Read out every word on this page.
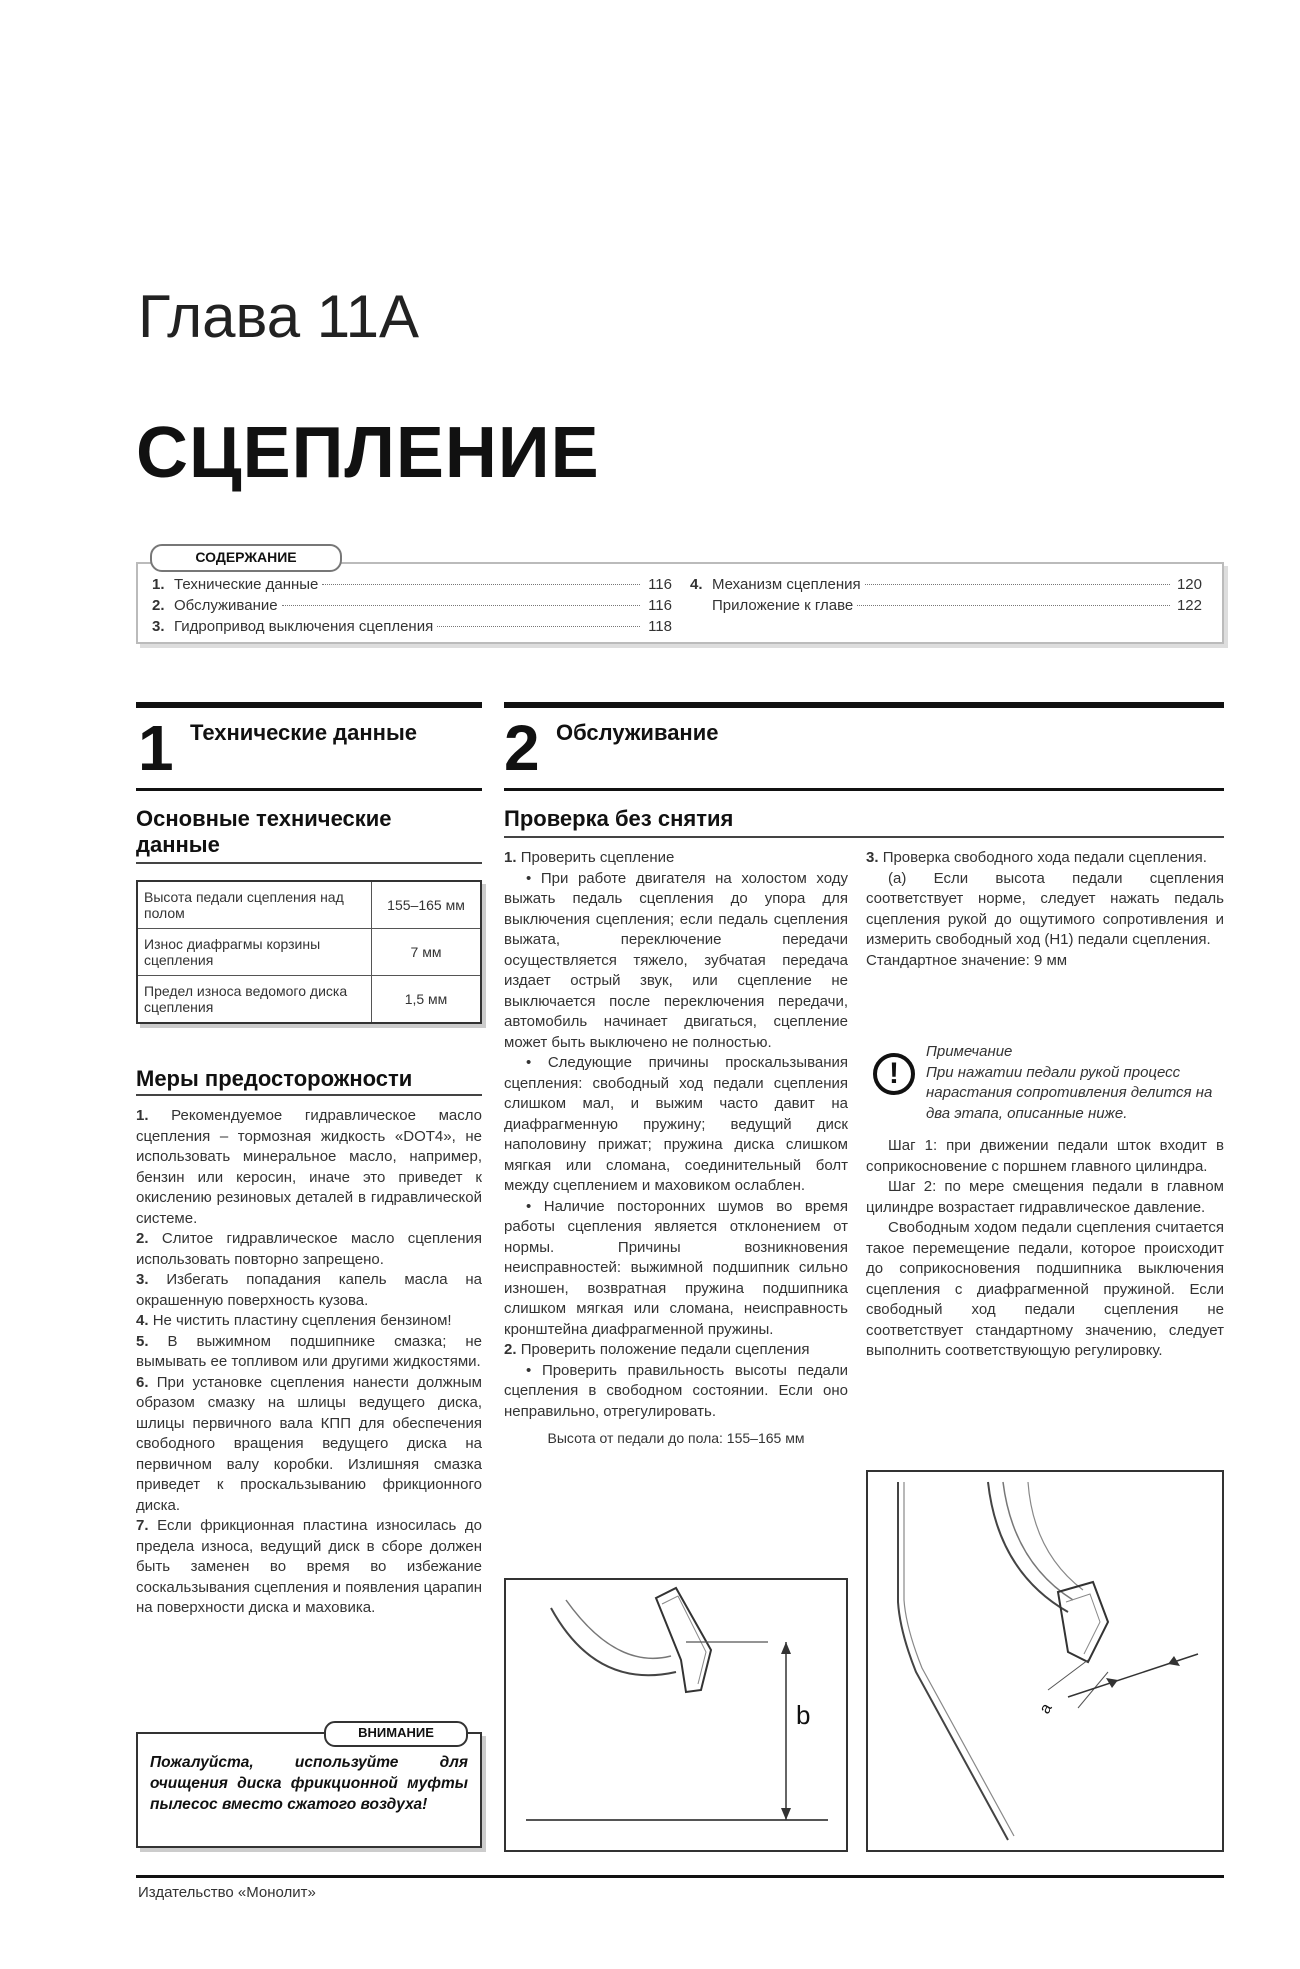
Глава 11А
СЦЕПЛЕНИЕ
1. Технические данные	116
2. Обслуживание	116
3. Гидропривод выключения сцепления	118
4. Механизм сцепления	120
Приложение к главе	122
СОДЕРЖАНИЕ
1 Технические данные
Основные технические данные
Высота педали сцепления над полом	155–165 мм
Износ диафрагмы корзины сцепления	7 мм
Предел износа ведомого диска сцепления	1,5 мм
Меры предосторожности

1. Рекомендуемое гидравлическое масло сцепления – тормозная жидкость «DOT4», не использовать минеральное масло, например, бензин или керосин, иначе это приведет к окислению резиновых деталей в гидравлической системе.

2. Слитое гидравлическое масло сцепления использовать повторно запрещено.

3. Избегать попадания капель масла на окрашенную поверхность кузова.

4. Не чистить пластину сцепления бензином!

5. В выжимном подшипнике смазка; не вымывать ее топливом или другими жидкостями.

6. При установке сцепления нанести должным образом смазку на шлицы ведущего диска, шлицы первичного вала КПП для обеспечения свободного вращения ведущего диска на первичном валу коробки. Излишняя смазка приведет к проскальзыванию фрикционного диска.

7. Если фрикционная пластина износилась до предела износа, ведущий диск в сборе должен быть заменен во время во избежание соскальзывания сцепления и появления царапин на поверхности диска и маховика.

Пожалуйста, используйте для очищения диска фрикционной муфты пылесос вместо сжатого воздуха!
ВНИМАНИЕ
2 Обслуживание
Проверка без снятия

1. Проверить сцепление

• При работе двигателя на холостом ходу выжать педаль сцепления до упора для выключения сцепления; если педаль сцепления выжата, переключение передачи осуществляется тяжело, зубчатая передача издает острый звук, или сцепление не выключается после переключения передачи, автомобиль начинает двигаться, сцепление может быть выключено не полностью.

• Следующие причины проскальзывания сцепления: свободный ход педали сцепления слишком мал, и выжим часто давит на диафрагменную пружину; ведущий диск наполовину прижат; пружина диска слишком мягкая или сломана, соединительный болт между сцеплением и маховиком ослаблен.

• Наличие посторонних шумов во время работы сцепления является отклонением от нормы. Причины возникновения неисправностей: выжимной подшипник сильно изношен, возвратная пружина подшипника слишком мягкая или сломана, неисправность кронштейна диафрагменной пружины.

2. Проверить положение педали сцепления

• Проверить правильность высоты педали сцепления в свободном состоянии. Если оно неправильно, отрегулировать.

Высота от педали до пола: 155–165 мм

b

3. Проверка свободного хода педали сцепления.

(a) Если высота педали сцепления соответствует норме, следует нажать педаль сцепления рукой до ощутимого сопротивления и измерить свободный ход (H1) педали сцепления.

Стандартное значение: 9 мм

!
Примечание
При нажатии педали рукой процесс нарастания сопротивления делится на два этапа, описанные ниже.

Шаг 1: при движении педали шток входит в соприкосновение с поршнем главного цилиндра.

Шаг 2: по мере смещения педали в главном цилиндре возрастает гидравлическое давление.

Свободным ходом педали сцепления считается такое перемещение педали, которое происходит до соприкосновения подшипника выключения сцепления с диафрагменной пружиной. Если свободный ход педали сцепления не соответствует стандартному значению, следует выполнить соответствующую регулировку.

a
Издательство «Монолит»
